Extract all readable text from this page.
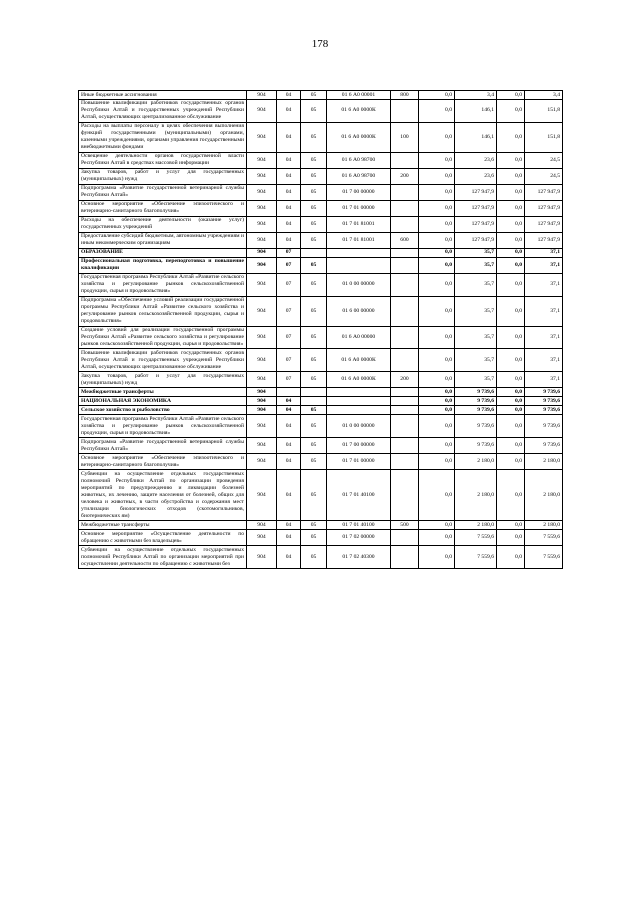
178
Иные бюджетные ассигнования	904	04	05	01 6 А0 00001	800	0,0	3,4	0,0	3,4
Повышение квалификации работников государственных органов Республики Алтай и государственных учреждений Республики Алтай, осуществляющих централизованное обслуживание	904	04	05	01 6 А0 0000К		0,0	146,1	0,0	151,8
Расходы на выплаты персоналу в целях обеспечения выполнения функций государственными (муниципальными) органами, казенными учреждениями, органами управления государственными внебюджетными фондами	904	04	05	01 6 А0 0000К	100	0,0	146,1	0,0	151,8
Освещение деятельности органов государственной власти Республики Алтай в средствах массовой информации	904	04	05	01 6 А0 98700		0,0	23,6	0,0	24,5
Закупка товаров, работ и услуг для государственных (муниципальных) нужд	904	04	05	01 6 А0 98700	200	0,0	23,6	0,0	24,5
Подпрограмма «Развитие государственной ветеринарной службы Республики Алтай»	904	04	05	01 7 00 00000		0,0	127 947,9	0,0	127 947,9
Основное мероприятие «Обеспечение эпизоотического и ветеринарно-санитарного благополучия»	904	04	05	01 7 01 00000		0,0	127 947,9	0,0	127 947,9
Расходы на обеспечение деятельности (оказание услуг) государственных учреждений	904	04	05	01 7 01 81001		0,0	127 947,9	0,0	127 947,9
Предоставление субсидий бюджетным, автономным учреждениям и иным некоммерческим организациям	904	04	05	01 7 01 81001	600	0,0	127 947,9	0,0	127 947,9
ОБРАЗОВАНИЕ	904	07				0,0	35,7	0,0	37,1
Профессиональная подготовка, переподготовка и повышение квалификации	904	07	05			0,0	35,7	0,0	37,1
Государственная программа Республики Алтай «Развитие сельского хозяйства и регулирование рынков сельскохозяйственной продукции, сырья и продовольствия»	904	07	05	01 0 00 00000		0,0	35,7	0,0	37,1
Подпрограмма «Обеспечение условий реализации государственной программы Республики Алтай «Развитие сельского хозяйства и регулирование рынков сельскохозяйственной продукции, сырья и продовольствия»	904	07	05	01 6 00 00000		0,0	35,7	0,0	37,1
Создание условий для реализации государственной программы Республики Алтай «Развитие сельского хозяйства и регулирование рынков сельскохозяйственной продукции, сырья и продовольствия»	904	07	05	01 6 А0 00000		0,0	35,7	0,0	37,1
Повышение квалификации работников государственных органов Республики Алтай и государственных учреждений Республики Алтай, осуществляющих централизованное обслуживание	904	07	05	01 6 А0 0000К		0,0	35,7	0,0	37,1
Закупка товаров, работ и услуг для государственных (муниципальных) нужд	904	07	05	01 6 А0 0000К	200	0,0	35,7	0,0	37,1
Межбюджетные трансферты	904					0,0	9 739,6	0,0	9 739,6
НАЦИОНАЛЬНАЯ ЭКОНОМИКА	904	04				0,0	9 739,6	0,0	9 739,6
Сельское хозяйство и рыболовство	904	04	05			0,0	9 739,6	0,0	9 739,6
Государственная программа Республики Алтай «Развитие сельского хозяйства и регулирование рынков сельскохозяйственной продукции, сырья и продовольствия»	904	04	05	01 0 00 00000		0,0	9 739,6	0,0	9 739,6
Подпрограмма «Развитие государственной ветеринарной службы Республики Алтай»	904	04	05	01 7 00 00000		0,0	9 739,6	0,0	9 739,6
Основное мероприятие «Обеспечение эпизоотического и ветеринарно-санитарного благополучия»	904	04	05	01 7 01 00000		0,0	2 180,0	0,0	2 180,0
Субвенции на осуществление отдельных государственных полномочий Республики Алтай по организации проведения мероприятий по предупреждению и ликвидации болезней животных, их лечению, защите населения от болезней, общих для человека и животных, в части обустройства и содержания мест утилизации биологических отходов (скотомогильников, биотермических ям)	904	04	05	01 7 01 40100		0,0	2 180,0	0,0	2 180,0
Межбюджетные трансферты	904	04	05	01 7 01 40100	500	0,0	2 180,0	0,0	2 180,0
Основное мероприятие «Осуществление деятельности по обращению с животными без владельцев»	904	04	05	01 7 02 00000		0,0	7 559,6	0,0	7 559,6
Субвенции на осуществление отдельных государственных полномочий Республики Алтай по организации мероприятий при осуществлении деятельности по обращению с животными без	904	04	05	01 7 02 40300		0,0	7 559,6	0,0	7 559,6
